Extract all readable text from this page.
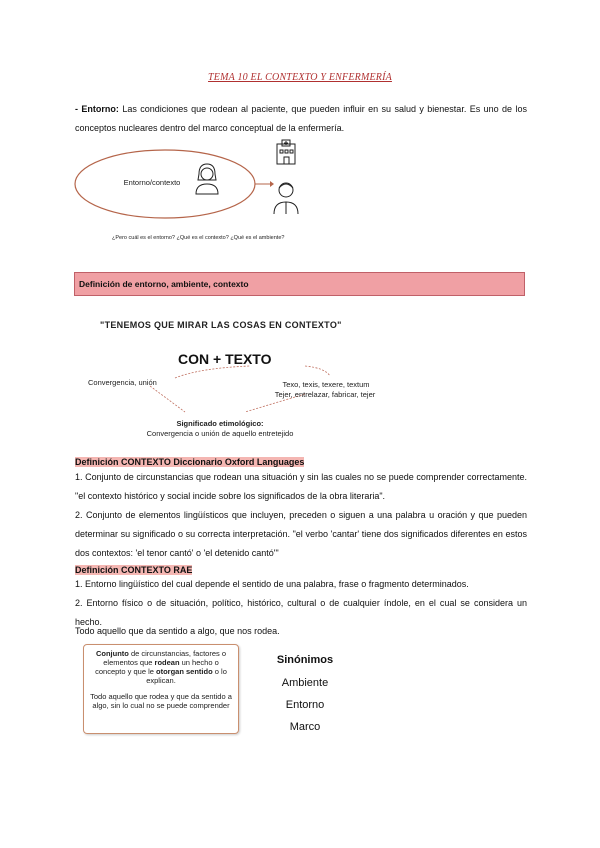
TEMA 10 EL CONTEXTO Y ENFERMERÍA
- Entorno: Las condiciones que rodean al paciente, que pueden influir en su salud y bienestar. Es uno de los conceptos nucleares dentro del marco conceptual de la enfermería.
Entorno/contexto
¿Pero cuál es el entorno? ¿Qué es el contexto? ¿Qué es el ambiente?
Definición de entorno, ambiente, contexto
"TENEMOS QUE MIRAR LAS COSAS EN CONTEXTO"
CON + TEXTO
Convergencia, unión	Texo, texis, texere, textum
Tejer, entrelazar, fabricar, tejer
Significado etimológico:
Convergencia o unión de aquello entretejido
Definición CONTEXTO Diccionario Oxford Languages
1. Conjunto de circunstancias que rodean una situación y sin las cuales no se puede comprender correctamente. "el contexto histórico y social incide sobre los significados de la obra literaria".
2. Conjunto de elementos lingüísticos que incluyen, preceden o siguen a una palabra u oración y que pueden determinar su significado o su correcta interpretación. "el verbo 'cantar' tiene dos significados diferentes en estos dos contextos: 'el tenor cantó' o 'el detenido cantó'"
Definición CONTEXTO RAE
1. Entorno lingüístico del cual depende el sentido de una palabra, frase o fragmento determinados.
2. Entorno físico o de situación, político, histórico, cultural o de cualquier índole, en el cual se considera un hecho.
Todo aquello que da sentido a algo, que nos rodea.
Conjunto de circunstancias, factores o elementos que rodean un hecho o concepto y que le otorgan sentido o lo explican.
Todo aquello que rodea y que da sentido a algo, sin lo cual no se puede comprender
Sinónimos
Ambiente
Entorno
Marco
